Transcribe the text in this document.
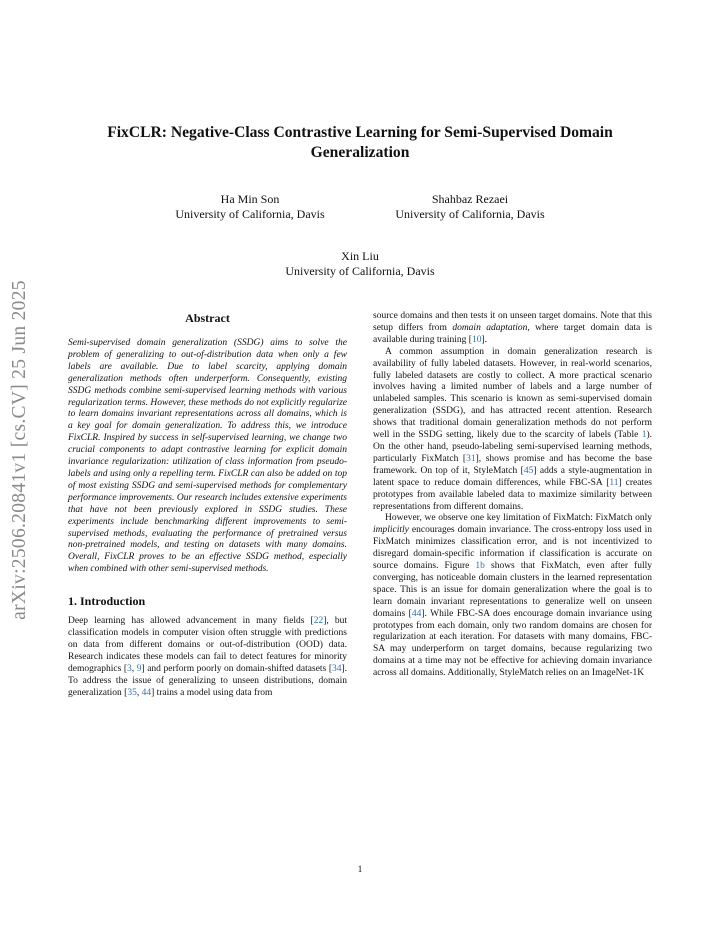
arXiv:2506.20841v1 [cs.CV] 25 Jun 2025
FixCLR: Negative-Class Contrastive Learning for Semi-Supervised Domain Generalization
Ha Min Son
University of California, Davis
Shahbaz Rezaei
University of California, Davis
Xin Liu
University of California, Davis
Abstract

Semi-supervised domain generalization (SSDG) aims to solve the problem of generalizing to out-of-distribution data when only a few labels are available. Due to label scarcity, applying domain generalization methods often underperform. Consequently, existing SSDG methods combine semi-supervised learning methods with various regularization terms. However, these methods do not explicitly regularize to learn domains invariant representations across all domains, which is a key goal for domain generalization. To address this, we introduce FixCLR. Inspired by success in self-supervised learning, we change two crucial components to adapt contrastive learning for explicit domain invariance regularization: utilization of class information from pseudo-labels and using only a repelling term. FixCLR can also be added on top of most existing SSDG and semi-supervised methods for complementary performance improvements. Our research includes extensive experiments that have not been previously explored in SSDG studies. These experiments include benchmarking different improvements to semi-supervised methods, evaluating the performance of pretrained versus non-pretrained models, and testing on datasets with many domains. Overall, FixCLR proves to be an effective SSDG method, especially when combined with other semi-supervised methods.

1. Introduction

Deep learning has allowed advancement in many fields [22], but classification models in computer vision often struggle with predictions on data from different domains or out-of-distribution (OOD) data. Research indicates these models can fail to detect features for minority demographics [3, 9] and perform poorly on domain-shifted datasets [34]. To address the issue of generalizing to unseen distributions, domain generalization [35, 44] trains a model using data from

source domains and then tests it on unseen target domains. Note that this setup differs from domain adaptation, where target domain data is available during training [10].

A common assumption in domain generalization research is availability of fully labeled datasets. However, in real-world scenarios, fully labeled datasets are costly to collect. A more practical scenario involves having a limited number of labels and a large number of unlabeled samples. This scenario is known as semi-supervised domain generalization (SSDG), and has attracted recent attention. Research shows that traditional domain generalization methods do not perform well in the SSDG setting, likely due to the scarcity of labels (Table 1). On the other hand, pseudo-labeling semi-supervised learning methods, particularly FixMatch [31], shows promise and has become the base framework. On top of it, StyleMatch [45] adds a style-augmentation in latent space to reduce domain differences, while FBC-SA [11] creates prototypes from available labeled data to maximize similarity between representations from different domains.

However, we observe one key limitation of FixMatch: FixMatch only implicitly encourages domain invariance. The cross-entropy loss used in FixMatch minimizes classification error, and is not incentivized to disregard domain-specific information if classification is accurate on source domains. Figure 1b shows that FixMatch, even after fully converging, has noticeable domain clusters in the learned representation space. This is an issue for domain generalization where the goal is to learn domain invariant representations to generalize well on unseen domains [44]. While FBC-SA does encourage domain invariance using prototypes from each domain, only two random domains are chosen for regularization at each iteration. For datasets with many domains, FBC-SA may underperform on target domains, because regularizing two domains at a time may not be effective for achieving domain invariance across all domains. Additionally, StyleMatch relies on an ImageNet-1K

1
